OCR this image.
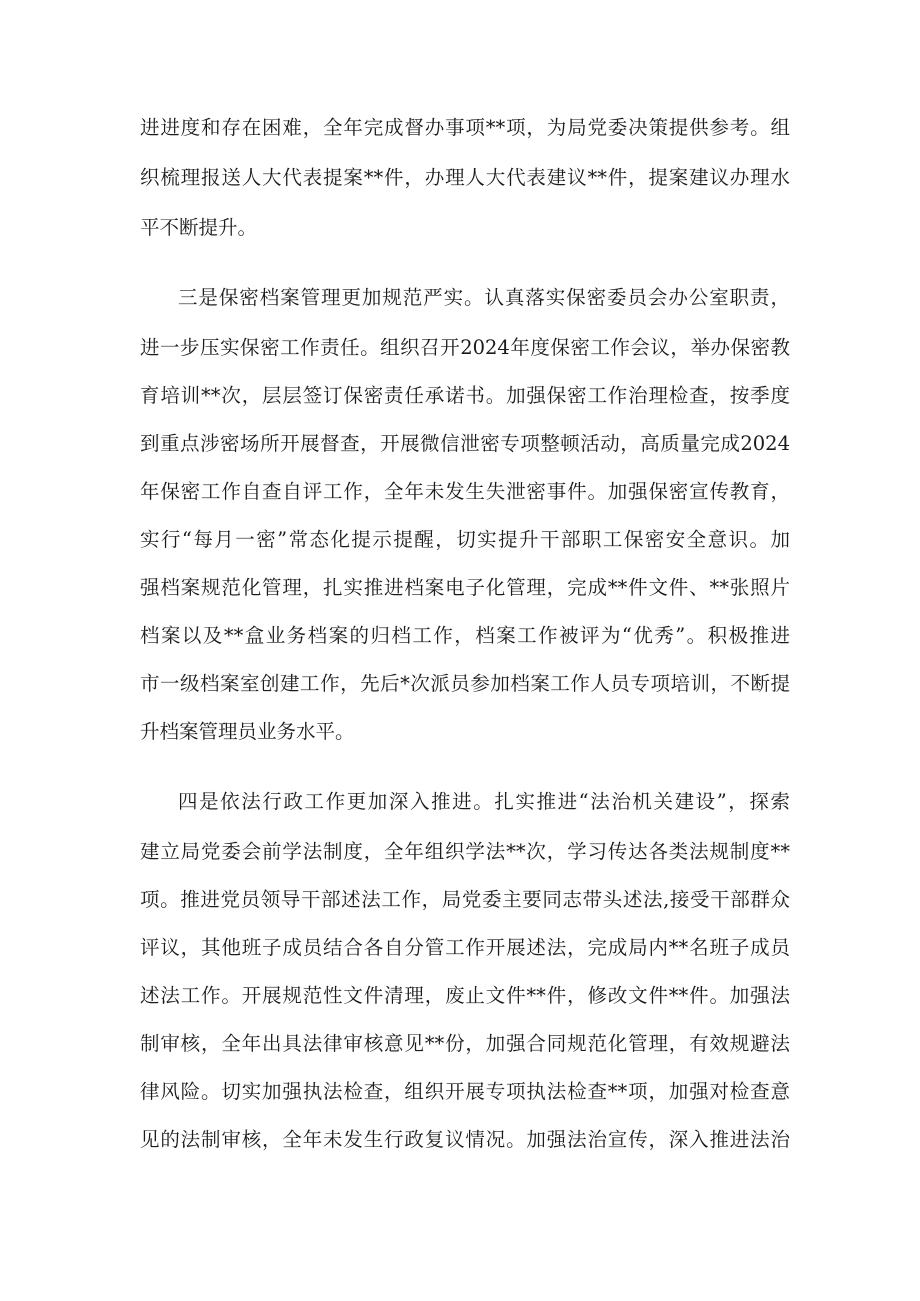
进进度和存在困难，全年完成督办事项**项，为局党委决策提供参考。组
织梳理报送人大代表提案**件，办理人大代表建议**件，提案建议办理水
平不断提升。
三是保密档案管理更加规范严实。认真落实保密委员会办公室职责，
进一步压实保密工作责任。组织召开2024年度保密工作会议，举办保密教
育培训**次，层层签订保密责任承诺书。加强保密工作治理检查，按季度
到重点涉密场所开展督查，开展微信泄密专项整顿活动，高质量完成2024
年保密工作自查自评工作，全年未发生失泄密事件。加强保密宣传教育，
实行“每月一密”常态化提示提醒，切实提升干部职工保密安全意识。加
强档案规范化管理，扎实推进档案电子化管理，完成**件文件、**张照片
档案以及**盒业务档案的归档工作，档案工作被评为“优秀”。积极推进
市一级档案室创建工作，先后*次派员参加档案工作人员专项培训，不断提
升档案管理员业务水平。
四是依法行政工作更加深入推进。扎实推进“法治机关建设”，探索
建立局党委会前学法制度，全年组织学法**次，学习传达各类法规制度**
项。推进党员领导干部述法工作，局党委主要同志带头述法,接受干部群众
评议，其他班子成员结合各自分管工作开展述法，完成局内**名班子成员
述法工作。开展规范性文件清理，废止文件**件，修改文件**件。加强法
制审核，全年出具法律审核意见**份，加强合同规范化管理，有效规避法
律风险。切实加强执法检查，组织开展专项执法检查**项，加强对检查意
见的法制审核，全年未发生行政复议情况。加强法治宣传，深入推进法治
